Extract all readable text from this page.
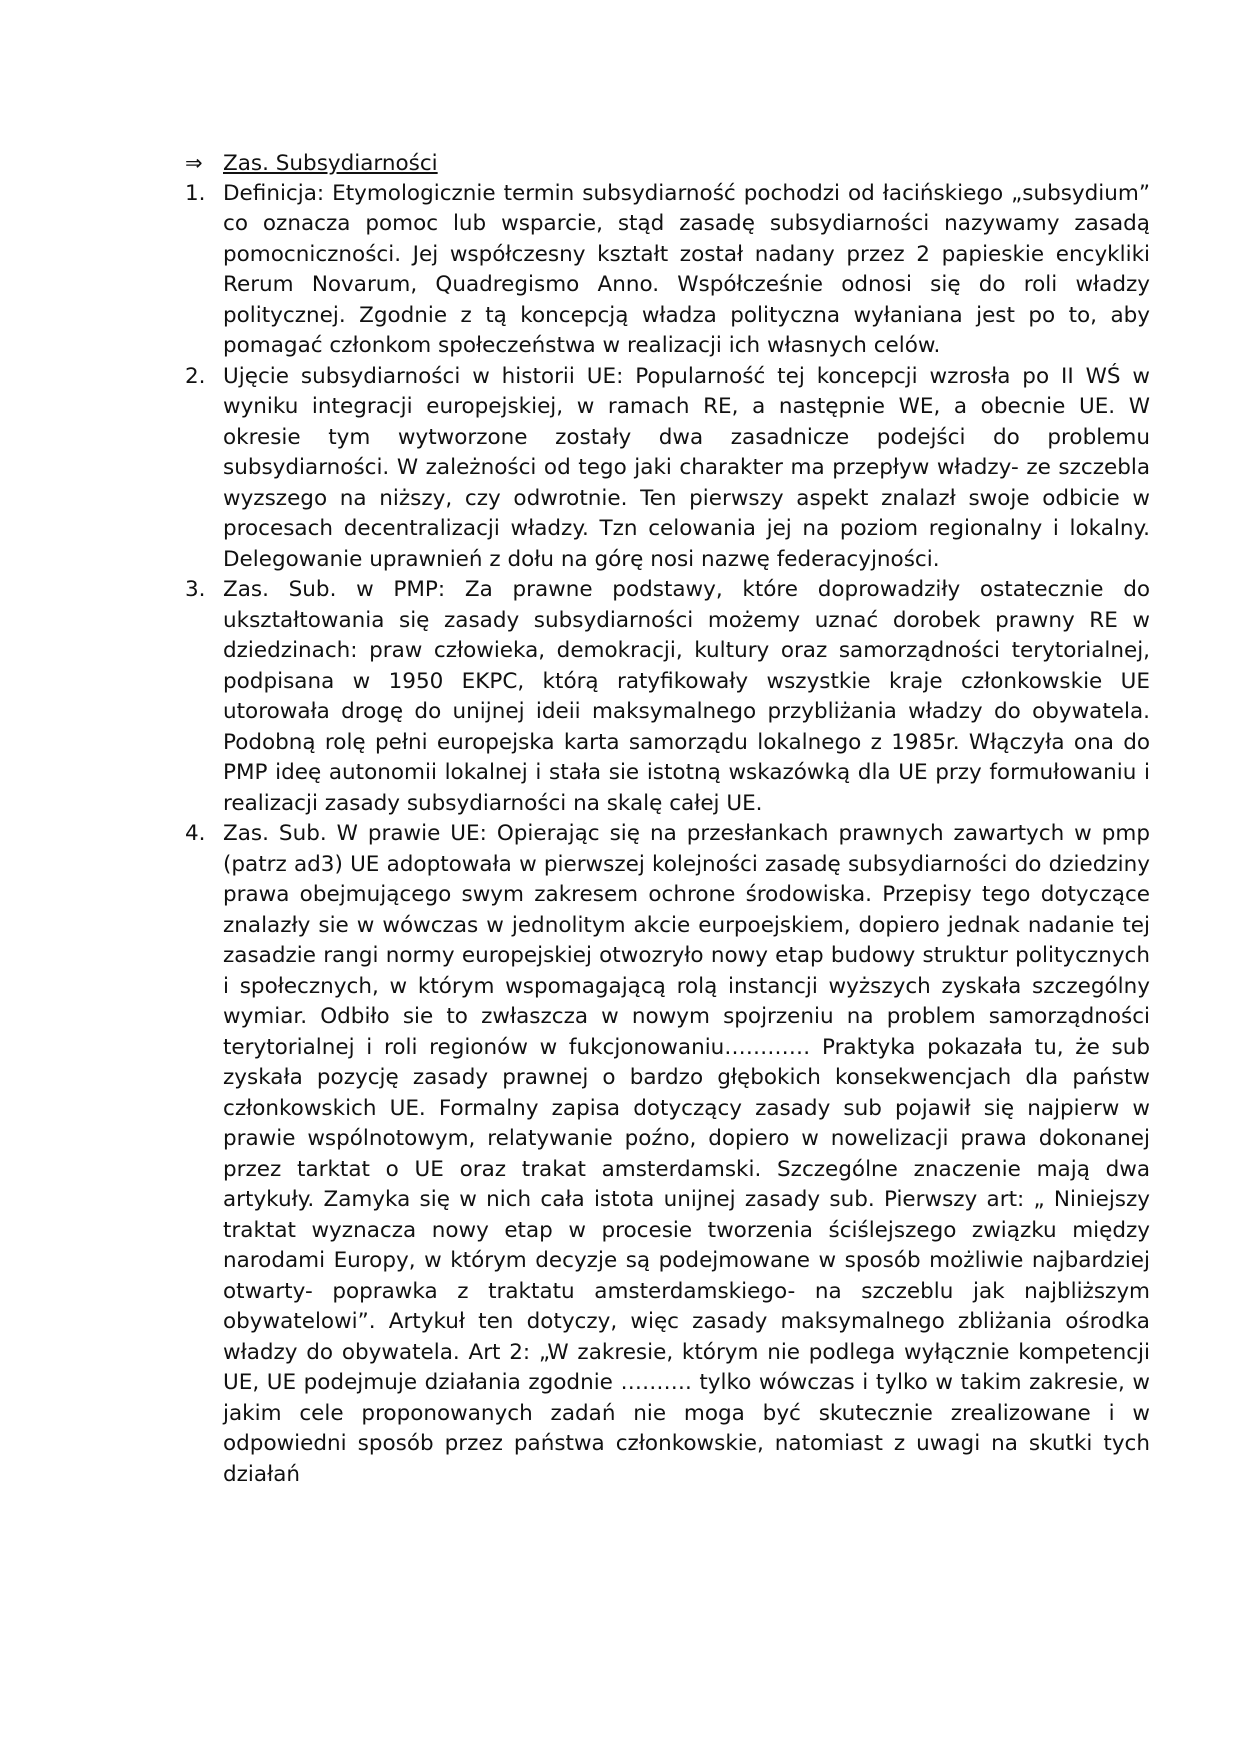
⇒ Zas. Subsydiarności
1. Definicja: Etymologicznie termin subsydiarność pochodzi od łacińskiego „subsydium” co oznacza pomoc lub wsparcie, stąd zasadę subsydiarności nazywamy zasadą pomocniczności. Jej współczesny kształt został nadany przez 2 papieskie encykliki Rerum Novarum, Quadregismo Anno. Współcześnie odnosi się do roli władzy politycznej. Zgodnie z tą koncepcją władza polityczna wyłaniana jest po to, aby pomagać członkom społeczeństwa w realizacji ich własnych celów.

2. Ujęcie subsydiarności w historii UE: Popularność tej koncepcji wzrosła po II WŚ w wyniku integracji europejskiej, w ramach RE, a następnie WE, a obecnie UE. W okresie tym wytworzone zostały dwa zasadnicze podejści do problemu subsydiarności. W zależności od tego jaki charakter ma przepływ władzy- ze szczebla wyzszego na niższy, czy odwrotnie. Ten pierwszy aspekt znalazł swoje odbicie w procesach decentralizacji władzy. Tzn celowania jej na poziom regionalny i lokalny. Delegowanie uprawnień z dołu na górę nosi nazwę federacyjności.

3. Zas. Sub. w PMP: Za prawne podstawy, które doprowadziły ostatecznie do ukształtowania się zasady subsydiarności możemy uznać dorobek prawny RE w dziedzinach: praw człowieka, demokracji, kultury oraz samorządności terytorialnej, podpisana w 1950 EKPC, którą ratyfikowały wszystkie kraje członkowskie UE utorowała drogę do unijnej ideii maksymalnego przybliżania władzy do obywatela. Podobną rolę pełni europejska karta samorządu lokalnego z 1985r. Włączyła ona do PMP ideę autonomii lokalnej i stała sie istotną wskazówką dla UE przy formułowaniu i realizacji zasady subsydiarności na skalę całej UE.

4. Zas. Sub. W prawie UE: Opierając się na przesłankach prawnych zawartych w pmp (patrz ad3) UE adoptowała w pierwszej kolejności zasadę subsydiarności do dziedziny prawa obejmującego swym zakresem ochrone środowiska. Przepisy tego dotyczące znalazły sie w wówczas w jednolitym akcie eurpoejskiem, dopiero jednak nadanie tej zasadzie rangi normy europejskiej otwozryło nowy etap budowy struktur politycznych i społecznych, w którym wspomagającą rolą instancji wyższych zyskała szczególny wymiar. Odbiło sie to zwłaszcza w nowym spojrzeniu na problem samorządności terytorialnej i roli regionów w fukcjonowaniu………… Praktyka pokazała tu, że sub zyskała pozycję zasady prawnej o bardzo głębokich konsekwencjach dla państw członkowskich UE. Formalny zapisa dotyczący zasady sub pojawił się najpierw w prawie wspólnotowym, relatywanie poźno, dopiero w nowelizacji prawa dokonanej przez tarktat o UE oraz trakat amsterdamski. Szczególne znaczenie mają dwa artykuły. Zamyka się w nich cała istota unijnej zasady sub. Pierwszy art: „ Niniejszy traktat wyznacza nowy etap w procesie tworzenia ściślejszego związku między narodami Europy, w którym decyzje są podejmowane w sposób możliwie najbardziej otwarty- poprawka z traktatu amsterdamskiego- na szczeblu jak najbliższym obywatelowi”. Artykuł ten dotyczy, więc zasady maksymalnego zbliżania ośrodka władzy do obywatela. Art 2: „W zakresie, którym nie podlega wyłącznie kompetencji UE, UE podejmuje działania zgodnie ………. tylko wówczas i tylko w takim zakresie, w jakim cele proponowanych zadań nie moga być skutecznie zrealizowane i w odpowiedni sposób przez państwa członkowskie, natomiast z uwagi na skutki tych działań
